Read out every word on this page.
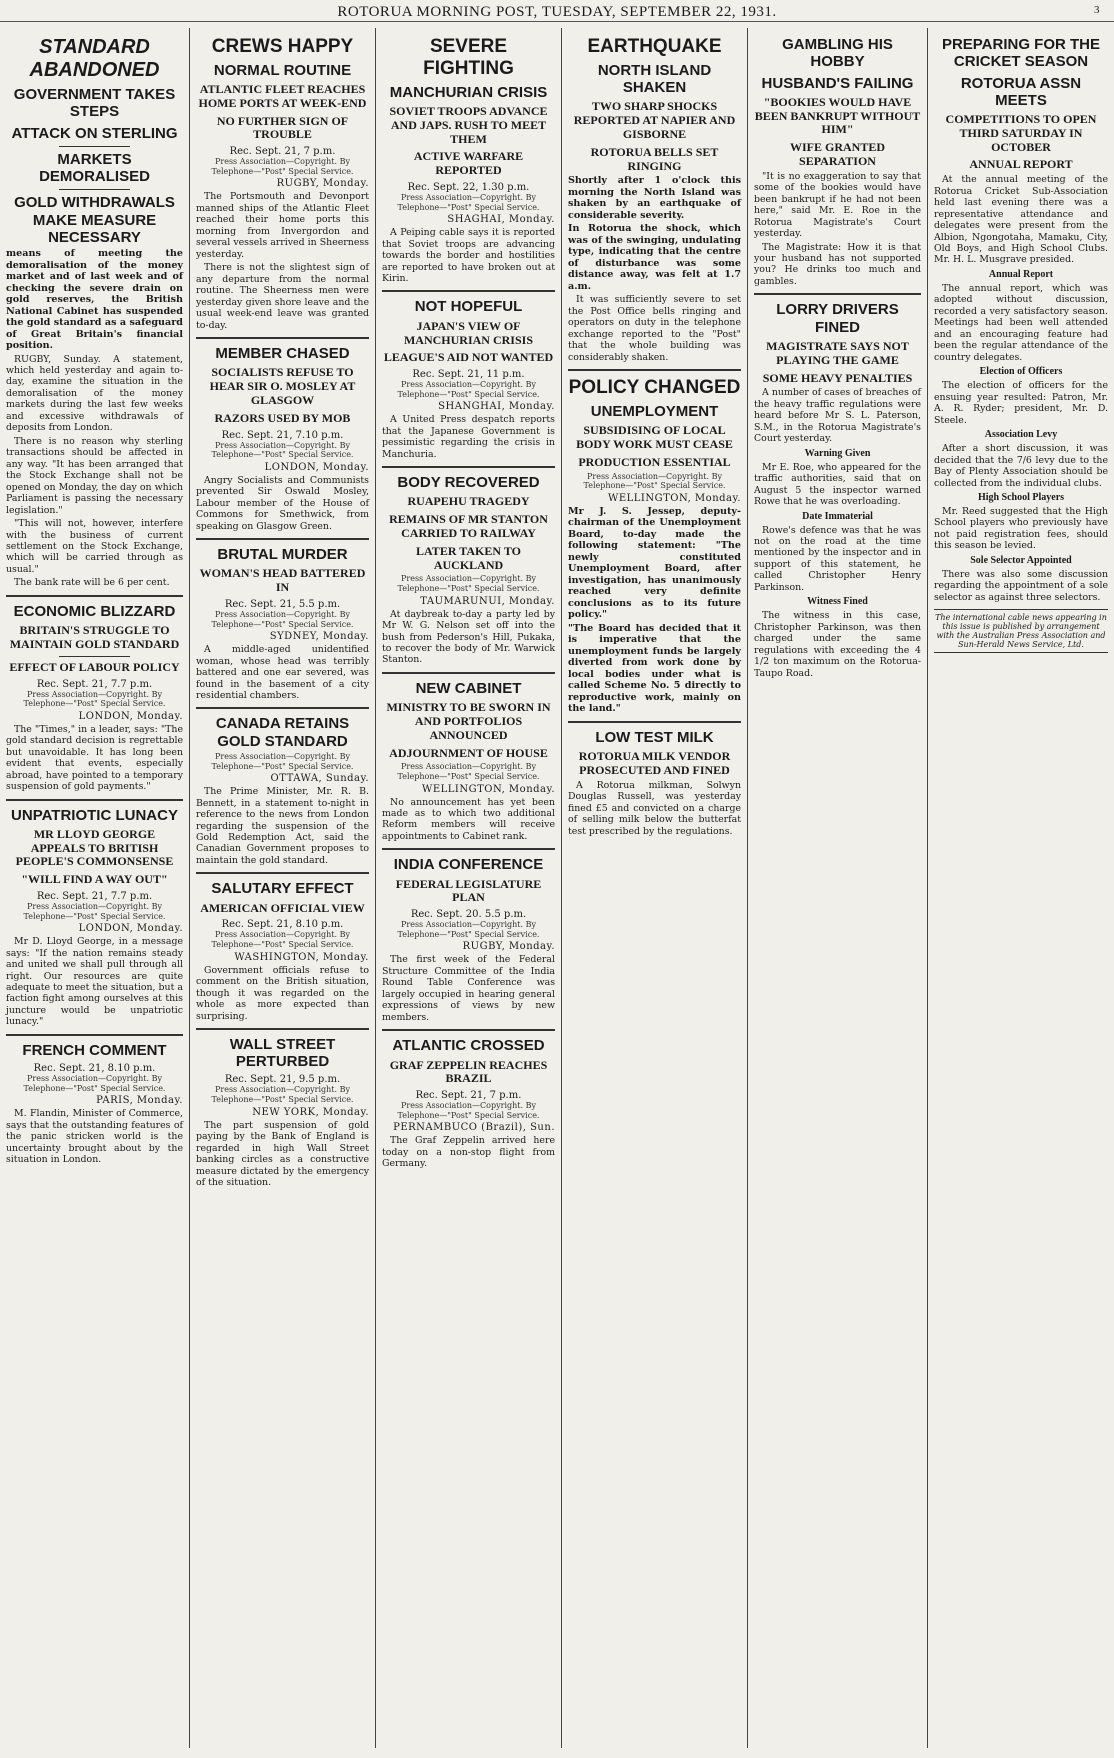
ROTORUA MORNING POST, TUESDAY, SEPTEMBER 22, 1931.	3
STANDARD ABANDONED
GOVERNMENT TAKES STEPS
ATTACK ON STERLING
MARKETS DEMORALISED
GOLD WITHDRAWALS MAKE MEASURE NECESSARY
means of meeting the demoralisation of the money market and of last week and of checking the severe drain on gold reserves, the British National Cabinet has suspended the gold standard as a safeguard of Great Britain's financial position.
RUGBY, Sunday. A statement, which held yesterday and again to-day, examine the situation in the demoralisation of the money markets during the last few weeks and excessive withdrawals of deposits from London.
There is no reason why sterling transactions should be affected in any way. "It has been arranged that the Stock Exchange shall not be opened on Monday, the day on which Parliament is passing the necessary legislation."
"This will not, however, interfere with the business of current settlement on the Stock Exchange, which will be carried through as usual."
The bank rate will be 6 per cent.
ECONOMIC BLIZZARD
BRITAIN'S STRUGGLE TO MAINTAIN GOLD STANDARD
EFFECT OF LABOUR POLICY
Rec. Sept. 21, 7.7 p.m.
Press Association—Copyright. By Telephone—"Post" Special Service.
LONDON, Monday.
The "Times," in a leader, says: "The gold standard decision is regrettable but unavoidable. It has long been evident that events, especially abroad, have pointed to a temporary suspension of gold payments."
UNPATRIOTIC LUNACY
MR LLOYD GEORGE APPEALS TO BRITISH PEOPLE'S COMMONSENSE
"WILL FIND A WAY OUT"
Rec. Sept. 21, 7.7 p.m.
Press Association—Copyright. By Telephone—"Post" Special Service.
LONDON, Monday.
Mr D. Lloyd George, in a message says: "If the nation remains steady and united we shall pull through all right. Our resources are quite adequate to meet the situation, but a faction fight among ourselves at this juncture would be unpatriotic lunacy."
FRENCH COMMENT
Rec. Sept. 21, 8.10 p.m.
Press Association—Copyright. By Telephone—"Post" Special Service.
PARIS, Monday.
M. Flandin, Minister of Commerce, says that the outstanding features of the panic stricken world is the uncertainty brought about by the situation in London.
CREWS HAPPY
NORMAL ROUTINE
ATLANTIC FLEET REACHES HOME PORTS AT WEEK-END
NO FURTHER SIGN OF TROUBLE
Rec. Sept. 21, 7 p.m.
Press Association—Copyright. By Telephone—"Post" Special Service.
RUGBY, Monday.
The Portsmouth and Devonport manned ships of the Atlantic Fleet reached their home ports this morning from Invergordon and several vessels arrived in Sheerness yesterday.
There is not the slightest sign of any departure from the normal routine. The Sheerness men were yesterday given shore leave and the usual week-end leave was granted to-day.
MEMBER CHASED
SOCIALISTS REFUSE TO HEAR SIR O. MOSLEY AT GLASGOW
RAZORS USED BY MOB
Rec. Sept. 21, 7.10 p.m.
Press Association—Copyright. By Telephone—"Post" Special Service.
LONDON, Monday.
Angry Socialists and Communists prevented Sir Oswald Mosley, Labour member of the House of Commons for Smethwick, from speaking on Glasgow Green.
BRUTAL MURDER
WOMAN'S HEAD BATTERED IN
Rec. Sept. 21, 5.5 p.m.
Press Association—Copyright. By Telephone—"Post" Special Service.
SYDNEY, Monday.
A middle-aged unidentified woman, whose head was terribly battered and one ear severed, was found in the basement of a city residential chambers.
CANADA RETAINS GOLD STANDARD
Press Association—Copyright. By Telephone—"Post" Special Service.
OTTAWA, Sunday.
The Prime Minister, Mr. R. B. Bennett, in a statement to-night in reference to the news from London regarding the suspension of the Gold Redemption Act, said the Canadian Government proposes to maintain the gold standard.
SALUTARY EFFECT
AMERICAN OFFICIAL VIEW
Rec. Sept. 21, 8.10 p.m.
Press Association—Copyright. By Telephone—"Post" Special Service.
WASHINGTON, Monday.
Government officials refuse to comment on the British situation, though it was regarded on the whole as more expected than surprising.
WALL STREET PERTURBED
Rec. Sept. 21, 9.5 p.m.
Press Association—Copyright. By Telephone—"Post" Special Service.
NEW YORK, Monday.
The part suspension of gold paying by the Bank of England is regarded in high Wall Street banking circles as a constructive measure dictated by the emergency of the situation.
SEVERE FIGHTING
MANCHURIAN CRISIS
SOVIET TROOPS ADVANCE AND JAPS. RUSH TO MEET THEM
ACTIVE WARFARE REPORTED
Rec. Sept. 22, 1.30 p.m.
Press Association—Copyright. By Telephone—"Post" Special Service.
SHAGHAI, Monday.
A Peiping cable says it is reported that Soviet troops are advancing towards the border and hostilities are reported to have broken out at Kirin.
NOT HOPEFUL
JAPAN'S VIEW OF MANCHURIAN CRISIS
LEAGUE'S AID NOT WANTED
Rec. Sept. 21, 11 p.m.
Press Association—Copyright. By Telephone—"Post" Special Service.
SHANGHAI, Monday.
A United Press despatch reports that the Japanese Government is pessimistic regarding the crisis in Manchuria.
BODY RECOVERED
RUAPEHU TRAGEDY
REMAINS OF MR STANTON CARRIED TO RAILWAY
LATER TAKEN TO AUCKLAND
Press Association—Copyright. By Telephone—"Post" Special Service.
TAUMARUNUI, Monday.
At daybreak to-day a party led by Mr W. G. Nelson set off into the bush from Pederson's Hill, Pukaka, to recover the body of Mr. Warwick Stanton.
NEW CABINET
MINISTRY TO BE SWORN IN AND PORTFOLIOS ANNOUNCED
ADJOURNMENT OF HOUSE
Press Association—Copyright. By Telephone—"Post" Special Service.
WELLINGTON, Monday.
No announcement has yet been made as to which two additional Reform members will receive appointments to Cabinet rank.
INDIA CONFERENCE
FEDERAL LEGISLATURE PLAN
Rec. Sept. 20. 5.5 p.m.
Press Association—Copyright. By Telephone—"Post" Special Service.
RUGBY, Monday.
The first week of the Federal Structure Committee of the India Round Table Conference was largely occupied in hearing general expressions of views by new members.
ATLANTIC CROSSED
GRAF ZEPPELIN REACHES BRAZIL
Rec. Sept. 21, 7 p.m.
Press Association—Copyright. By Telephone—"Post" Special Service.
PERNAMBUCO (Brazil), Sun.
The Graf Zeppelin arrived here today on a non-stop flight from Germany.
EARTHQUAKE
NORTH ISLAND SHAKEN
TWO SHARP SHOCKS REPORTED AT NAPIER AND GISBORNE
ROTORUA BELLS SET RINGING
Shortly after 1 o'clock this morning the North Island was shaken by an earthquake of considerable severity.
In Rotorua the shock, which was of the swinging, undulating type, indicating that the centre of disturbance was some distance away, was felt at 1.7 a.m.
It was sufficiently severe to set the Post Office bells ringing and operators on duty in the telephone exchange reported to the "Post" that the whole building was considerably shaken.
POLICY CHANGED
UNEMPLOYMENT
SUBSIDISING OF LOCAL BODY WORK MUST CEASE
PRODUCTION ESSENTIAL
Press Association—Copyright. By Telephone—"Post" Special Service.
WELLINGTON, Monday.
Mr J. S. Jessep, deputy-chairman of the Unemployment Board, to-day made the following statement: "The newly constituted Unemployment Board, after investigation, has unanimously reached very definite conclusions as to its future policy."
"The Board has decided that it is imperative that the unemployment funds be largely diverted from work done by local bodies under what is called Scheme No. 5 directly to reproductive work, mainly on the land."
LOW TEST MILK
ROTORUA MILK VENDOR PROSECUTED AND FINED
A Rotorua milkman, Solwyn Douglas Russell, was yesterday fined £5 and convicted on a charge of selling milk below the butterfat test prescribed by the regulations.
GAMBLING HIS HOBBY
HUSBAND'S FAILING
"BOOKIES WOULD HAVE BEEN BANKRUPT WITHOUT HIM"
WIFE GRANTED SEPARATION
"It is no exaggeration to say that some of the bookies would have been bankrupt if he had not been here," said Mr. E. Roe in the Rotorua Magistrate's Court yesterday.
The Magistrate: How it is that your husband has not supported you? He drinks too much and gambles.
LORRY DRIVERS FINED
MAGISTRATE SAYS NOT PLAYING THE GAME
SOME HEAVY PENALTIES
A number of cases of breaches of the heavy traffic regulations were heard before Mr S. L. Paterson, S.M., in the Rotorua Magistrate's Court yesterday.
Warning Given
Mr E. Roe, who appeared for the traffic authorities, said that on August 5 the inspector warned Rowe that he was overloading.
Date Immaterial
Rowe's defence was that he was not on the road at the time mentioned by the inspector and in support of this statement, he called Christopher Henry Parkinson.
Witness Fined
The witness in this case, Christopher Parkinson, was then charged under the same regulations with exceeding the 4 1/2 ton maximum on the Rotorua-Taupo Road.
PREPARING FOR THE CRICKET SEASON
ROTORUA ASSN MEETS
COMPETITIONS TO OPEN THIRD SATURDAY IN OCTOBER
ANNUAL REPORT
At the annual meeting of the Rotorua Cricket Sub-Association held last evening there was a representative attendance and delegates were present from the Albion, Ngongotaha, Mamaku, City, Old Boys, and High School Clubs. Mr. H. L. Musgrave presided.
Annual Report
The annual report, which was adopted without discussion, recorded a very satisfactory season. Meetings had been well attended and an encouraging feature had been the regular attendance of the country delegates.
Election of Officers
The election of officers for the ensuing year resulted: Patron, Mr. A. R. Ryder; president, Mr. D. Steele.
Association Levy
After a short discussion, it was decided that the 7/6 levy due to the Bay of Plenty Association should be collected from the individual clubs.
High School Players
Mr. Reed suggested that the High School players who previously have not paid registration fees, should this season be levied.
Sole Selector Appointed
There was also some discussion regarding the appointment of a sole selector as against three selectors.
The international cable news appearing in this issue is published by arrangement with the Australian Press Association and Sun-Herald News Service, Ltd.
